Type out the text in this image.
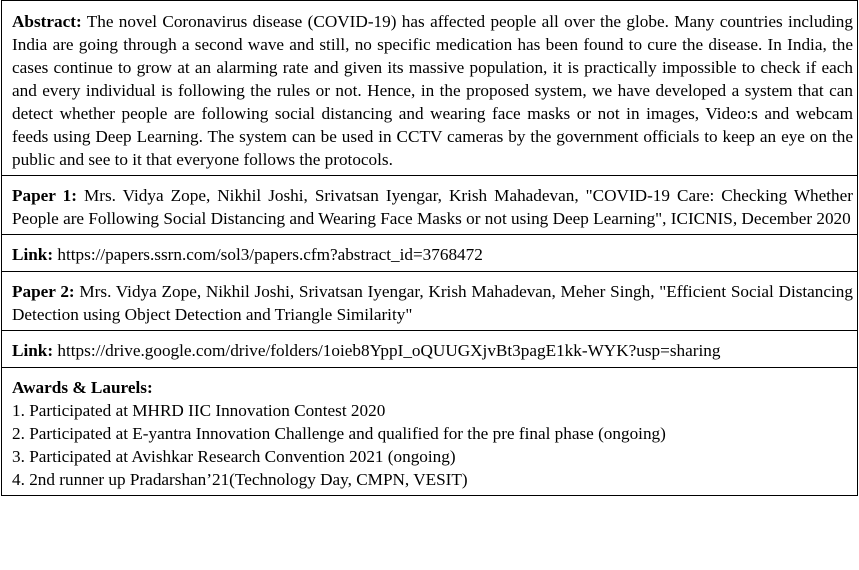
Abstract: The novel Coronavirus disease (COVID-19) has affected people all over the globe. Many countries including India are going through a second wave and still, no specific medication has been found to cure the disease. In India, the cases continue to grow at an alarming rate and given its massive population, it is practically impossible to check if each and every individual is following the rules or not. Hence, in the proposed system, we have developed a system that can detect whether people are following social distancing and wearing face masks or not in images, Video:s and webcam feeds using Deep Learning. The system can be used in CCTV cameras by the government officials to keep an eye on the public and see to it that everyone follows the protocols.
Paper 1: Mrs. Vidya Zope, Nikhil Joshi, Srivatsan Iyengar, Krish Mahadevan, "COVID-19 Care: Checking Whether People are Following Social Distancing and Wearing Face Masks or not using Deep Learning", ICICNIS, December 2020
Link: https://papers.ssrn.com/sol3/papers.cfm?abstract_id=3768472
Paper 2: Mrs. Vidya Zope, Nikhil Joshi, Srivatsan Iyengar, Krish Mahadevan, Meher Singh, "Efficient Social Distancing Detection using Object Detection and Triangle Similarity"
Link: https://drive.google.com/drive/folders/1oieb8YppI_oQUUGXjvBt3pagE1kk-WYK?usp=sharing

Awards & Laurels:
1. Participated at MHRD IIC Innovation Contest 2020
2. Participated at E-yantra Innovation Challenge and qualified for the pre final phase (ongoing)
3. Participated at Avishkar Research Convention 2021 (ongoing)
4. 2nd runner up Pradarshan’21(Technology Day, CMPN, VESIT)
